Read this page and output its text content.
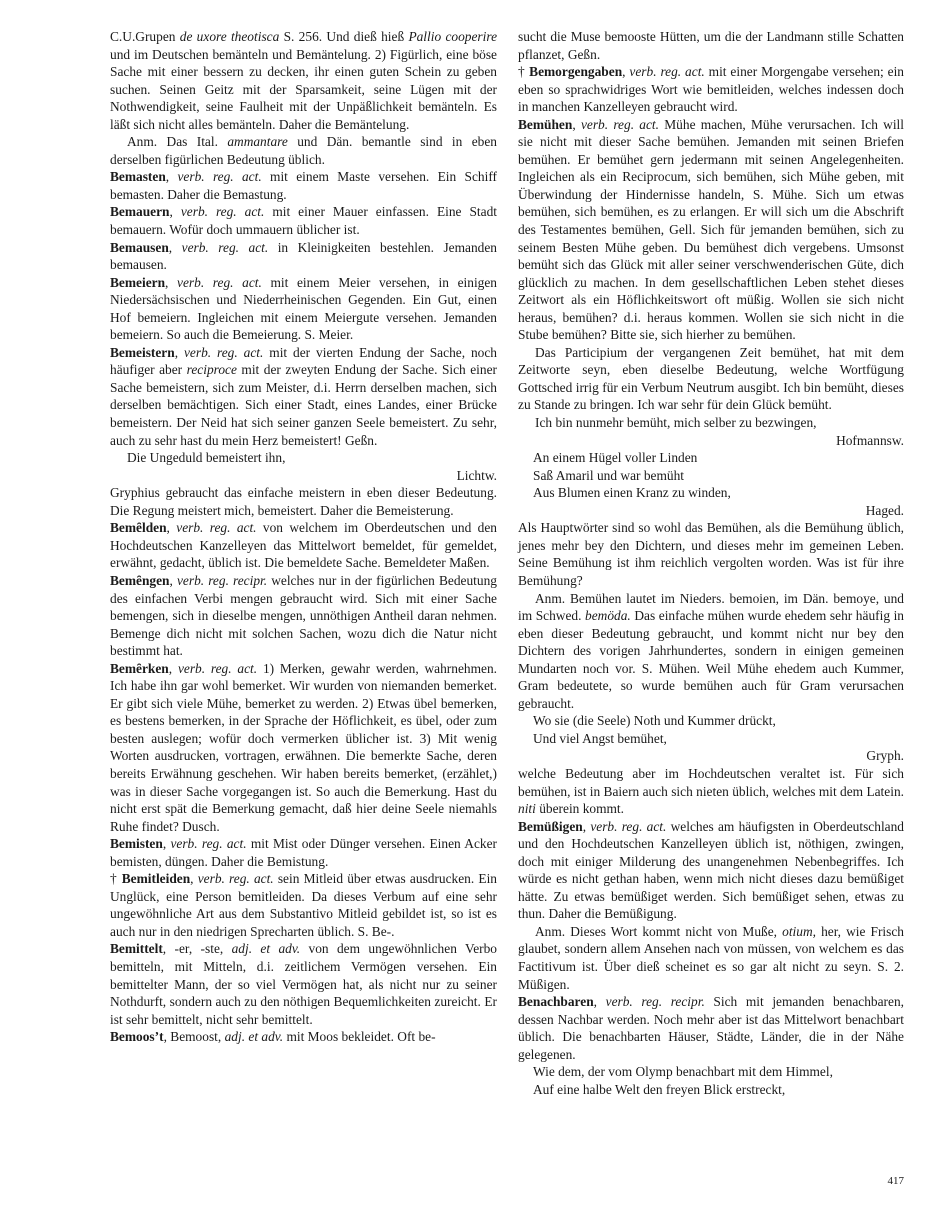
C.U.Grupen de uxore theotisca S. 256. Und dieß hieß Pallio cooperire und im Deutschen bemänteln und Bemäntelung. 2) Figürlich, eine böse Sache mit einer bessern zu decken, ihr einen guten Schein zu geben suchen. Seinen Geitz mit der Sparsamkeit, seine Lügen mit der Nothwendigkeit, seine Faulheit mit der Unpäßlichkeit bemänteln. Es läßt sich nicht alles bemänteln. Daher die Bemäntelung.

Anm. Das Ital. ammantare und Dän. bemantle sind in eben derselben figürlichen Bedeutung üblich.

Bemasten, verb. reg. act. mit einem Maste versehen. Ein Schiff bemasten. Daher die Bemastung.

Bemauern, verb. reg. act. mit einer Mauer einfassen. Eine Stadt bemauern. Wofür doch ummauern üblicher ist.

Bemausen, verb. reg. act. in Kleinigkeiten bestehlen. Jemanden bemausen.

Bemeiern, verb. reg. act. mit einem Meier versehen, in einigen Niedersächsischen und Niederrheinischen Gegenden. Ein Gut, einen Hof bemeiern. Ingleichen mit einem Meiergute versehen. Jemanden bemeiern. So auch die Bemeierung. S. Meier.

Bemeistern, verb. reg. act. mit der vierten Endung der Sache, noch häufiger aber reciproce mit der zweyten Endung der Sache. Sich einer Sache bemeistern, sich zum Meister, d.i. Herrn derselben machen, sich derselben bemächtigen. Sich einer Stadt, eines Landes, einer Brücke bemeistern. Der Neid hat sich seiner ganzen Seele bemeistert. Zu sehr, auch zu sehr hast du mein Herz bemeistert! Geßn.

Die Ungeduld bemeistert ihn,

Lichtw.

Gryphius gebraucht das einfache meistern in eben dieser Bedeutung. Die Regung meistert mich, bemeistert. Daher die Bemeisterung.

Bemȇlden, verb. reg. act. von welchem im Oberdeutschen und den Hochdeutschen Kanzelleyen das Mittelwort bemeldet, für gemeldet, erwähnt, gedacht, üblich ist. Die bemeldete Sache. Bemeldeter Maßen.

Bemȇngen, verb. reg. recipr. welches nur in der figürlichen Bedeutung des einfachen Verbi mengen gebraucht wird. Sich mit einer Sache bemengen, sich in dieselbe mengen, unnöthigen Antheil daran nehmen. Bemenge dich nicht mit solchen Sachen, wozu dich die Natur nicht bestimmt hat.

Bemȇrken, verb. reg. act. 1) Merken, gewahr werden, wahrnehmen. Ich habe ihn gar wohl bemerket. Wir wurden von niemanden bemerket. Er gibt sich viele Mühe, bemerket zu werden. 2) Etwas übel bemerken, es bestens bemerken, in der Sprache der Höflichkeit, es übel, oder zum besten auslegen; wofür doch vermerken üblicher ist. 3) Mit wenig Worten ausdrucken, vortragen, erwähnen. Die bemerkte Sache, deren bereits Erwähnung geschehen. Wir haben bereits bemerket, (erzählet,) was in dieser Sache vorgegangen ist. So auch die Bemerkung. Hast du nicht erst spät die Bemerkung gemacht, daß hier deine Seele niemahls Ruhe findet? Dusch.

Bemisten, verb. reg. act. mit Mist oder Dünger versehen. Einen Acker bemisten, düngen. Daher die Bemistung.

† Bemitleiden, verb. reg. act. sein Mitleid über etwas ausdrucken. Ein Unglück, eine Person bemitleiden. Da dieses Verbum auf eine sehr ungewöhnliche Art aus dem Substantivo Mitleid gebildet ist, so ist es auch nur in den niedrigen Sprecharten üblich. S. Be-.

Bemittelt, -er, -ste, adj. et adv. von dem ungewöhnlichen Verbo bemitteln, mit Mitteln, d.i. zeitlichem Vermögen versehen. Ein bemittelter Mann, der so viel Vermögen hat, als nicht nur zu seiner Nothdurft, sondern auch zu den nöthigen Bequemlichkeiten zureicht. Er ist sehr bemittelt, nicht sehr bemittelt.

Bemoos’t, Bemoost, adj. et adv. mit Moos bekleidet. Oft be-

sucht die Muse bemooste Hütten, um die der Landmann stille Schatten pflanzet, Geßn.

† Bemorgengaben, verb. reg. act. mit einer Morgengabe versehen; ein eben so sprachwidriges Wort wie bemitleiden, welches indessen doch in manchen Kanzelleyen gebraucht wird.

Bemühen, verb. reg. act. Mühe machen, Mühe verursachen. Ich will sie nicht mit dieser Sache bemühen. Jemanden mit seinen Briefen bemühen. Er bemühet gern jedermann mit seinen Angelegenheiten. Ingleichen als ein Reciprocum, sich bemühen, sich Mühe geben, mit Überwindung der Hindernisse handeln, S. Mühe. Sich um etwas bemühen, sich bemühen, es zu erlangen. Er will sich um die Abschrift des Testamentes bemühen, Gell. Sich für jemanden bemühen, sich zu seinem Besten Mühe geben. Du bemühest dich vergebens. Umsonst bemüht sich das Glück mit aller seiner verschwenderischen Güte, dich glücklich zu machen. In dem gesellschaftlichen Leben stehet dieses Zeitwort als ein Höflichkeitswort oft müßig. Wollen sie sich nicht heraus, bemühen? d.i. heraus kommen. Wollen sie sich nicht in die Stube bemühen? Bitte sie, sich hierher zu bemühen.

Das Participium der vergangenen Zeit bemühet, hat mit dem Zeitworte seyn, eben dieselbe Bedeutung, welche Wortfügung Gottsched irrig für ein Verbum Neutrum ausgibt. Ich bin bemüht, dieses zu Stande zu bringen. Ich war sehr für dein Glück bemüht.

Ich bin nunmehr bemüht, mich selber zu bezwingen,

Hofmannsw.

An einem Hügel voller Linden

Saß Amaril und war bemüht

Aus Blumen einen Kranz zu winden,

Haged.

Als Hauptwörter sind so wohl das Bemühen, als die Bemühung üblich, jenes mehr bey den Dichtern, und dieses mehr im gemeinen Leben. Seine Bemühung ist ihm reichlich vergolten worden. Was ist für ihre Bemühung?

Anm. Bemühen lautet im Nieders. bemoien, im Dän. bemoye, und im Schwed. bemöda. Das einfache mühen wurde ehedem sehr häufig in eben dieser Bedeutung gebraucht, und kommt nicht nur bey den Dichtern des vorigen Jahrhundertes, sondern in einigen gemeinen Mundarten noch vor. S. Mühen. Weil Mühe ehedem auch Kummer, Gram bedeutete, so wurde bemühen auch für Gram verursachen gebraucht.

Wo sie (die Seele) Noth und Kummer drückt,

Und viel Angst bemühet,

Gryph.

welche Bedeutung aber im Hochdeutschen veraltet ist. Für sich bemühen, ist in Baiern auch sich nieten üblich, welches mit dem Latein. niti überein kommt.

Bemüßigen, verb. reg. act. welches am häufigsten in Oberdeutschland und den Hochdeutschen Kanzelleyen üblich ist, nöthigen, zwingen, doch mit einiger Milderung des unangenehmen Nebenbegriffes. Ich würde es nicht gethan haben, wenn mich nicht dieses dazu bemüßiget hätte. Zu etwas bemüßiget werden. Sich bemüßiget sehen, etwas zu thun. Daher die Bemüßigung.

Anm. Dieses Wort kommt nicht von Muße, otium, her, wie Frisch glaubet, sondern allem Ansehen nach von müssen, von welchem es das Factitivum ist. Über dieß scheinet es so gar alt nicht zu seyn. S. 2. Müßigen.

Benachbaren, verb. reg. recipr. Sich mit jemanden benachbaren, dessen Nachbar werden. Noch mehr aber ist das Mittelwort benachbart üblich. Die benachbarten Häuser, Städte, Länder, die in der Nähe gelegenen.

Wie dem, der vom Olymp benachbart mit dem Himmel,

Auf eine halbe Welt den freyen Blick erstreckt,

417
